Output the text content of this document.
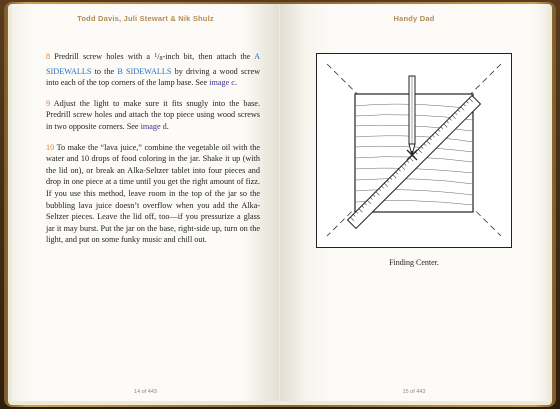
Todd Davis, Juli Stewart & Nik Shulz

8 Predrill screw holes with a $^1$/8-inch bit, then attach the A SIDEWALLS to the B SIDEWALLS by driving a wood screw into each of the top corners of the lamp base. See image c.

9 Adjust the light to make sure it fits snugly into the base. Predrill screw holes and attach the top piece using wood screws in two opposite corners. See image d.

10 To make the “lava juice,” combine the vegetable oil with the water and 10 drops of food coloring in the jar. Shake it up (with the lid on), or break an Alka-Seltzer tablet into four pieces and drop in one piece at a time until you get the right amount of fizz. If you use this method, leave room in the top of the jar so the bubbling lava juice doesn’t overflow when you add the Alka-Seltzer pieces. Leave the lid off, too—if you pressurize a glass jar it may burst. Put the jar on the base, right-side up, turn on the light, and put on some funky music and chill out.

14 of 443
Handy Dad
Finding Center.
15 of 443
